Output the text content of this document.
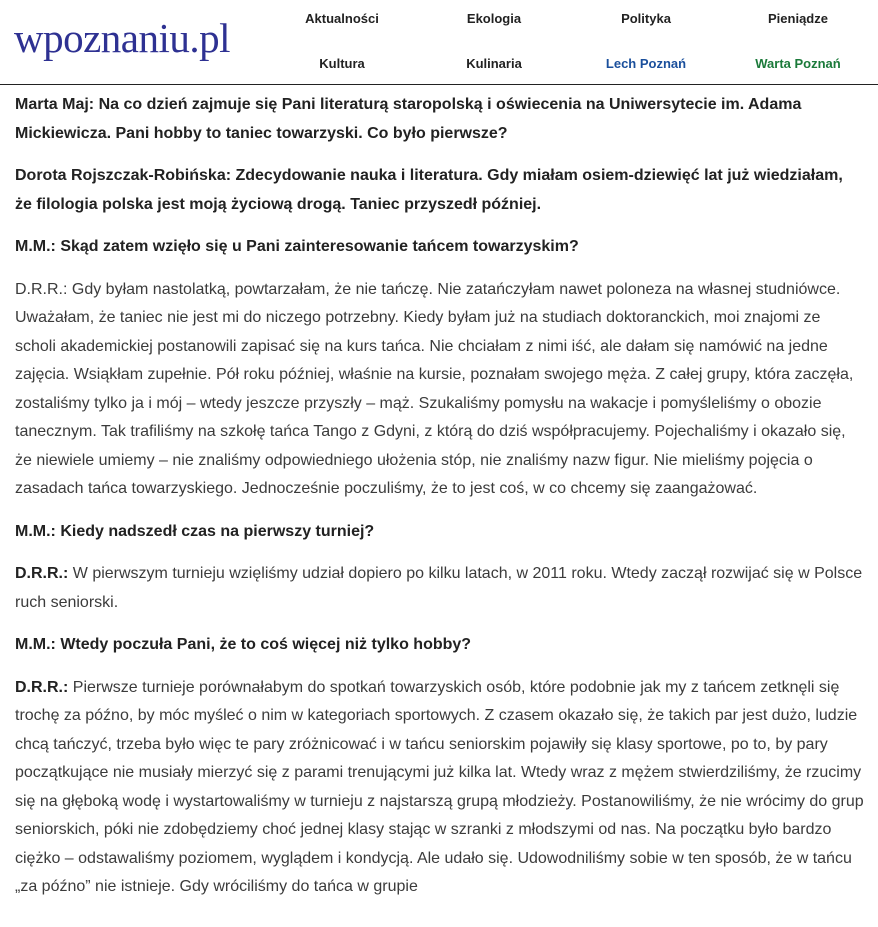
wpoznaniu.pl	Aktualności	Ekologia	Polityka	Pieniądze
Kultura	Kulinaria	Lech Poznań	Warta Poznań

Marta Maj: Na co dzień zajmuje się Pani literaturą staropolską i oświecenia na Uniwersytecie im. Adama Mickiewicza. Pani hobby to taniec towarzyski. Co było pierwsze?

Dorota Rojszczak-Robińska: Zdecydowanie nauka i literatura. Gdy miałam osiem-dziewięć lat już wiedziałam, że filologia polska jest moją życiową drogą. Taniec przyszedł później.

M.M.: Skąd zatem wzięło się u Pani zainteresowanie tańcem towarzyskim?

D.R.R.: Gdy byłam nastolatką, powtarzałam, że nie tańczę. Nie zatańczyłam nawet poloneza na własnej studniówce. Uważałam, że taniec nie jest mi do niczego potrzebny. Kiedy byłam już na studiach doktoranckich, moi znajomi ze scholi akademickiej postanowili zapisać się na kurs tańca. Nie chciałam z nimi iść, ale dałam się namówić na jedne zajęcia. Wsiąkłam zupełnie. Pół roku później, właśnie na kursie, poznałam swojego męża. Z całej grupy, która zaczęła, zostaliśmy tylko ja i mój – wtedy jeszcze przyszły – mąż. Szukaliśmy pomysłu na wakacje i pomyśleliśmy o obozie tanecznym. Tak trafiliśmy na szkołę tańca Tango z Gdyni, z którą do dziś współpracujemy. Pojechaliśmy i okazało się, że niewiele umiemy – nie znaliśmy odpowiedniego ułożenia stóp, nie znaliśmy nazw figur. Nie mieliśmy pojęcia o zasadach tańca towarzyskiego. Jednocześnie poczuliśmy, że to jest coś, w co chcemy się zaangażować.

M.M.: Kiedy nadszedł czas na pierwszy turniej?

D.R.R.: W pierwszym turnieju wzięliśmy udział dopiero po kilku latach, w 2011 roku. Wtedy zaczął rozwijać się w Polsce ruch seniorski.

M.M.: Wtedy poczuła Pani, że to coś więcej niż tylko hobby?

D.R.R.: Pierwsze turnieje porównałabym do spotkań towarzyskich osób, które podobnie jak my z tańcem zetknęli się trochę za późno, by móc myśleć o nim w kategoriach sportowych. Z czasem okazało się, że takich par jest dużo, ludzie chcą tańczyć, trzeba było więc te pary zróżnicować i w tańcu seniorskim pojawiły się klasy sportowe, po to, by pary początkujące nie musiały mierzyć się z parami trenującymi już kilka lat. Wtedy wraz z mężem stwierdziliśmy, że rzucimy się na głęboką wodę i wystartowaliśmy w turnieju z najstarszą grupą młodzieży. Postanowiliśmy, że nie wrócimy do grup seniorskich, póki nie zdobędziemy choć jednej klasy stając w szranki z młodszymi od nas. Na początku było bardzo ciężko – odstawaliśmy poziomem, wyglądem i kondycją. Ale udało się. Udowodniliśmy sobie w ten sposób, że w tańcu „za późno” nie istnieje. Gdy wróciliśmy do tańca w grupie
